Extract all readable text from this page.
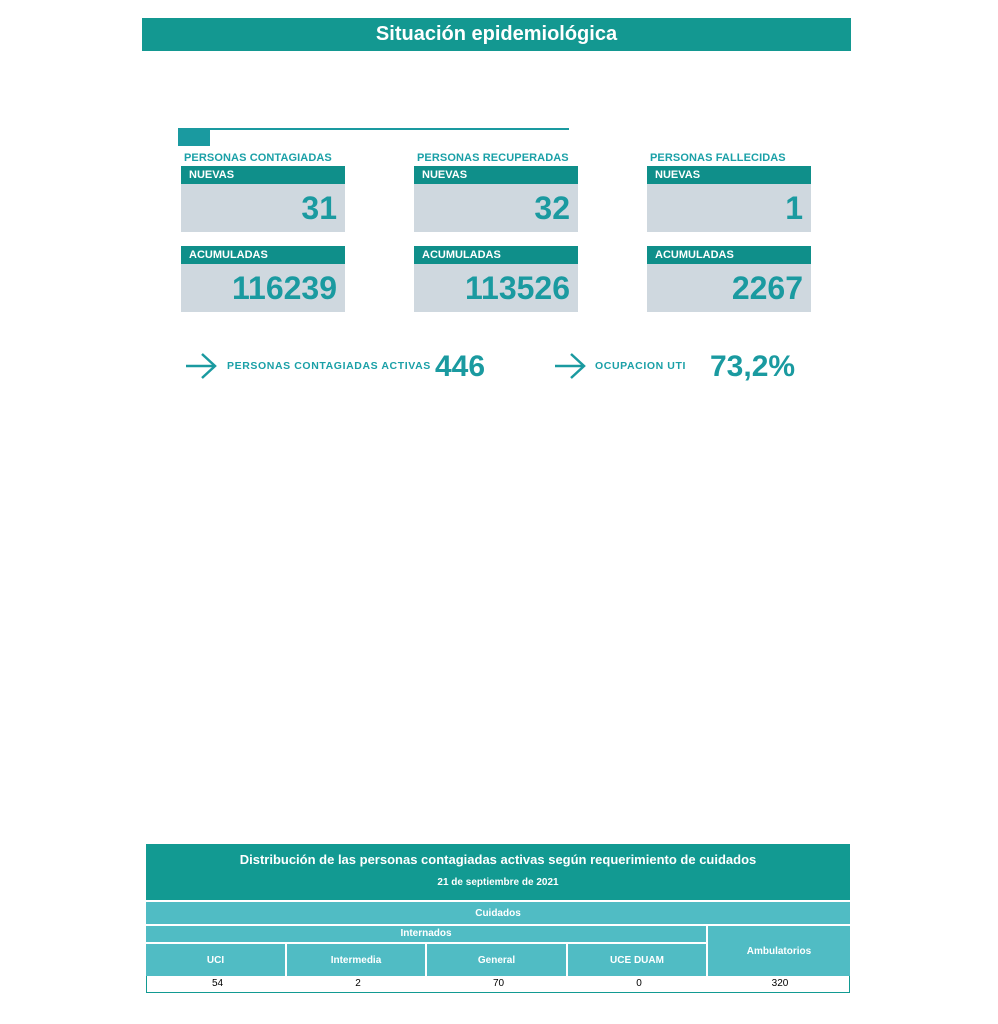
Situación epidemiológica
PERSONAS CONTAGIADAS
NUEVAS
31
ACUMULADAS
116239
PERSONAS RECUPERADAS
NUEVAS
32
ACUMULADAS
113526
PERSONAS FALLECIDAS
NUEVAS
1
ACUMULADAS
2267
PERSONAS CONTAGIADAS ACTIVAS 446	OCUPACION UTI 73,2%
Distribución de las personas contagiadas activas según requerimiento de cuidados
21 de septiembre de 2021
Cuidados
Internados
Ambulatorios
UCI	Intermedia	General	UCE DUAM
54	2	70	0	320
